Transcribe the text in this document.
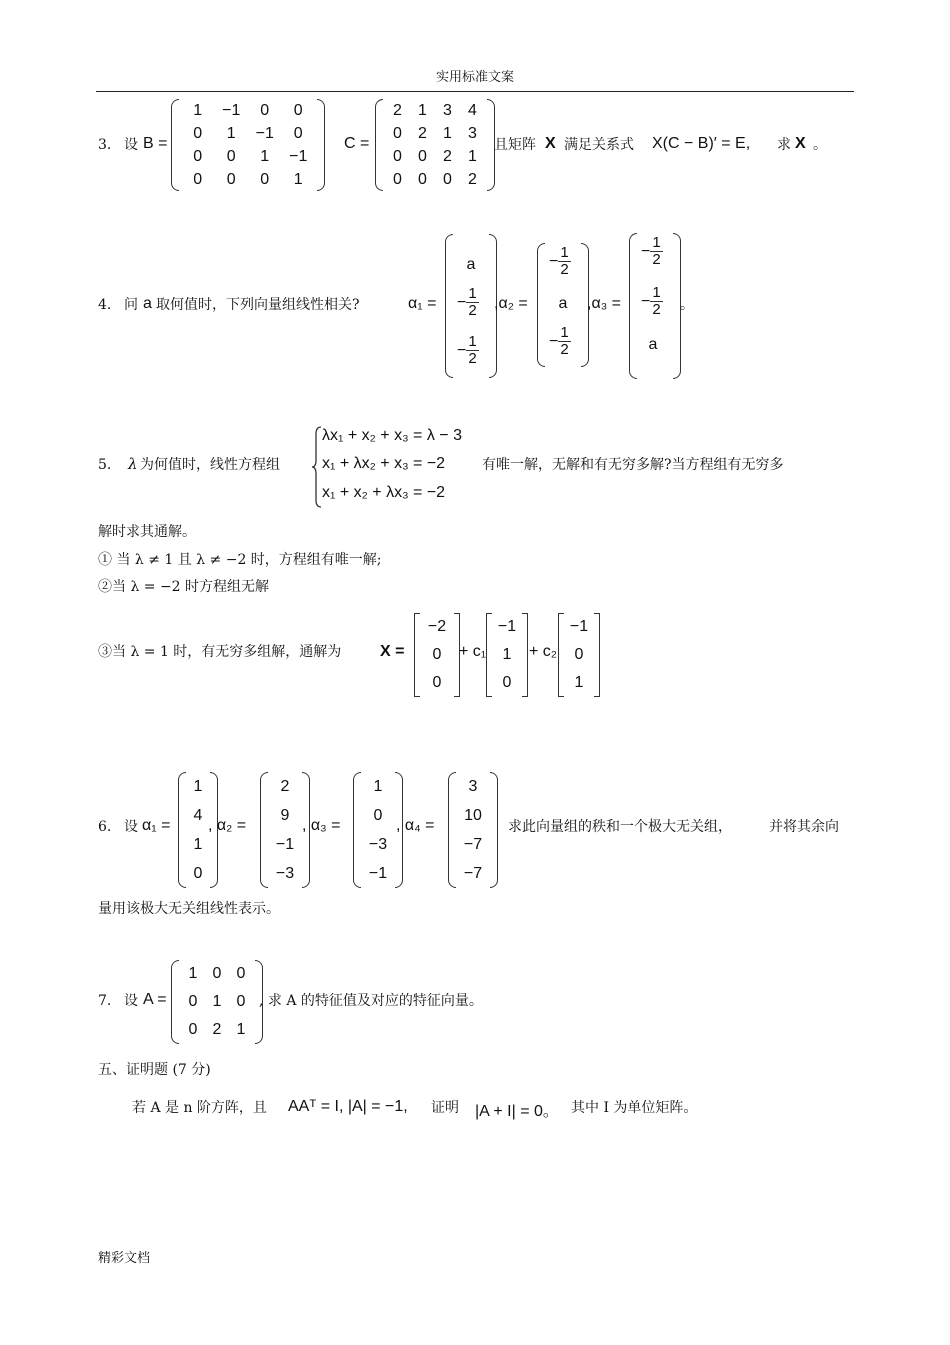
实用标准文案
3. 设 B =
1	−1	0	0
0	1	−1	0
0	0	1	−1
0	0	0	1
C =
2	1	3	4
0	2	1	3
0	0	2	1
0	0	0	2
且矩阵 X 满足关系式 X(C − B)′ = E, 求 X 。
4. 问 a 取何值时，下列向量组线性相关?	α₁ =
a
− $\frac{1}{2}$
− $\frac{1}{2}$
,α₂ =
− $\frac{1}{2}$
a
− $\frac{1}{2}$
,α₃ =
− $\frac{1}{2}$
− $\frac{1}{2}$
a
。
5. λ 为何值时，线性方程组
λx₁ + x₂ + x₃ = λ − 3
x₁ + λx₂ + x₃ = −2
x₁ + x₂ + λx₃ = −2
有唯一解，无解和有无穷多解?当方程组有无穷多
解时求其通解。
① 当 λ ≠ 1 且 λ ≠ −2 时，方程组有唯一解;
②当 λ = −2 时方程组无解
③当 λ = 1 时，有无穷多组解，通解为 X =
−2
0
0
+ c₁
−1
1
0
+ c₂
−1
0
1
6. 设 α₁ =
1
4
1
0
, α₂ =
2
9
−1
−3
, α₃ =
1
0
−3
−1
, α₄ =
3
10
−7
−7
求此向量组的秩和一个极大无关组，	并将其余向
量用该极大无关组线性表示。
7. 设 A =
1 0 0
0 1 0
0 2 1
, 求 A 的特征值及对应的特征向量。
五、证明题 (7 分)
若 A 是 n 阶方阵，且 AAᵀ = I, |A| = −1, 证明 |A + I| = 0。 其中 I 为单位矩阵。
精彩文档
